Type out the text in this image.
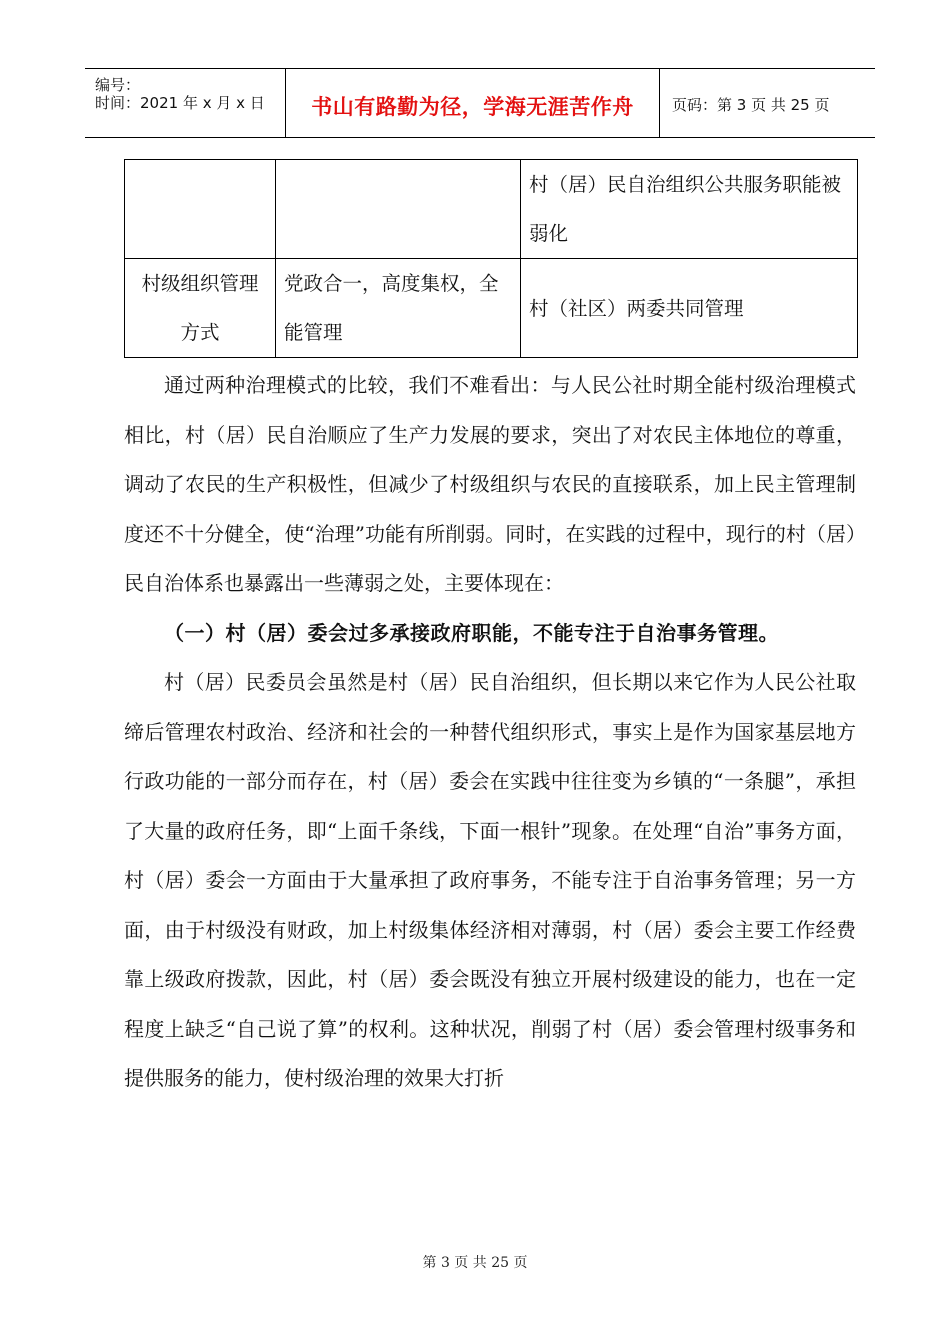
编号：
时间：2021 年 x 月 x 日	书山有路勤为径，学海无涯苦作舟	页码：第 3 页 共 25 页
		村（居）民自治组织公共服务职能被弱化
村级组织管理方式	党政合一，高度集权，全能管理	村（社区）两委共同管理

通过两种治理模式的比较，我们不难看出：与人民公社时期全能村级治理模式相比，村（居）民自治顺应了生产力发展的要求，突出了对农民主体地位的尊重，调动了农民的生产积极性，但减少了村级组织与农民的直接联系，加上民主管理制度还不十分健全，使“治理”功能有所削弱。同时，在实践的过程中，现行的村（居）民自治体系也暴露出一些薄弱之处，主要体现在：

（一）村（居）委会过多承接政府职能，不能专注于自治事务管理。

村（居）民委员会虽然是村（居）民自治组织，但长期以来它作为人民公社取缔后管理农村政治、经济和社会的一种替代组织形式，事实上是作为国家基层地方行政功能的一部分而存在，村（居）委会在实践中往往变为乡镇的“一条腿”，承担了大量的政府任务，即“上面千条线，下面一根针”现象。在处理“自治”事务方面，村（居）委会一方面由于大量承担了政府事务，不能专注于自治事务管理；另一方面，由于村级没有财政，加上村级集体经济相对薄弱，村（居）委会主要工作经费靠上级政府拨款，因此，村（居）委会既没有独立开展村级建设的能力，也在一定程度上缺乏“自己说了算”的权利。这种状况，削弱了村（居）委会管理村级事务和提供服务的能力，使村级治理的效果大打折

第 3 页 共 25 页
